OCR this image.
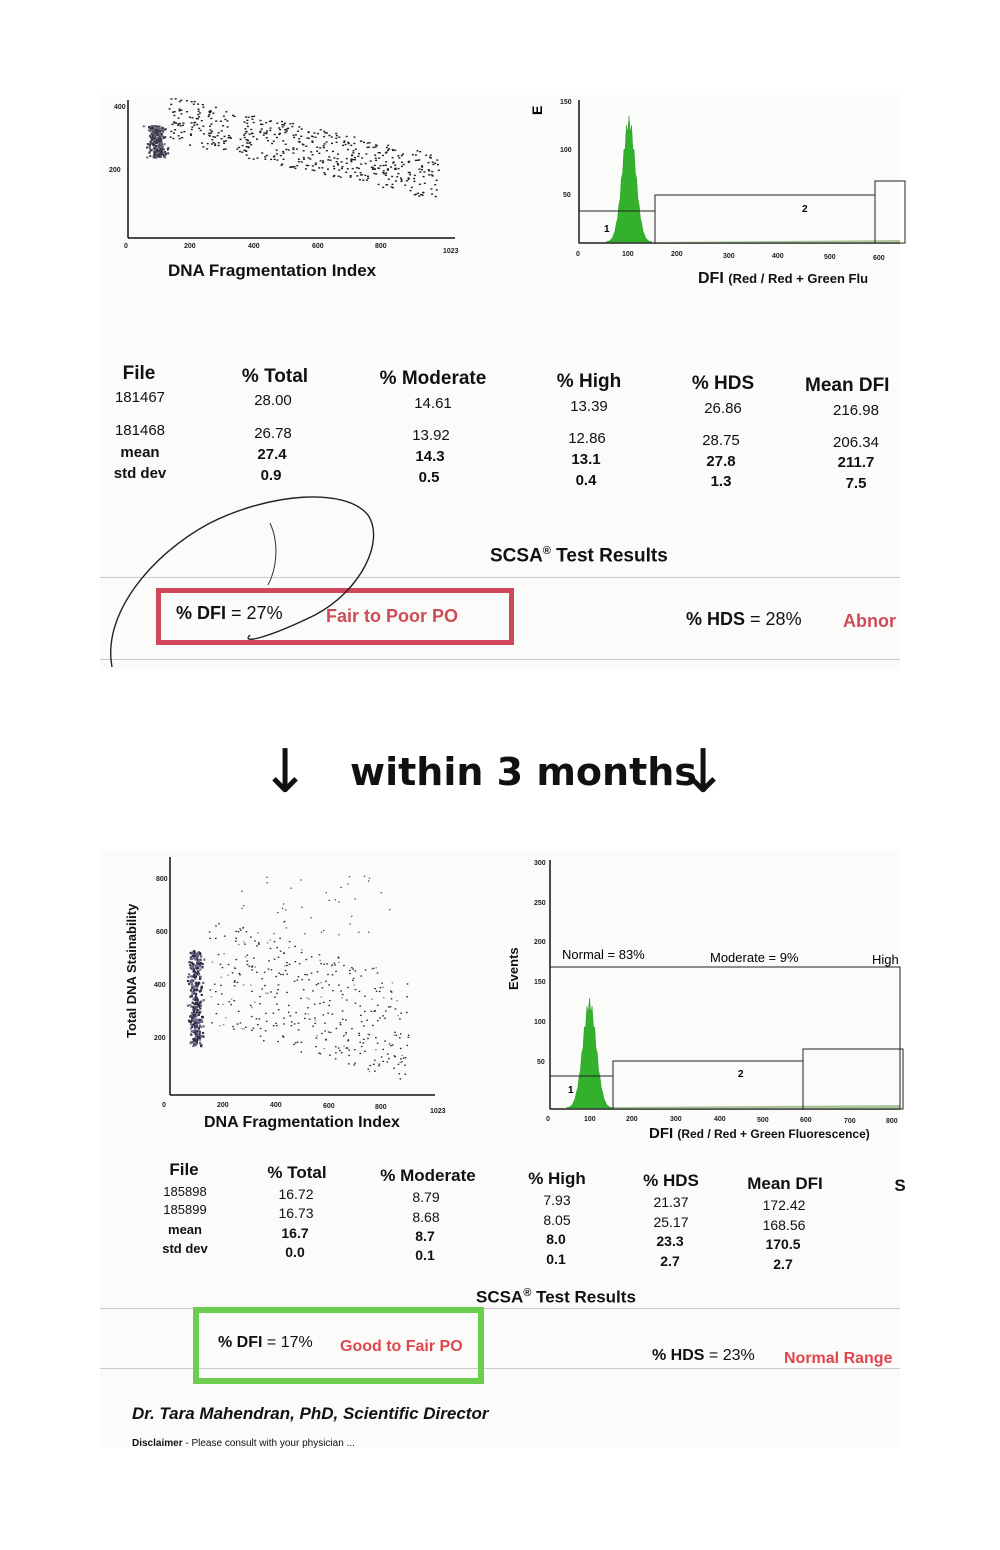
0	200	400	600	800
1023
400
200
DNA Fragmentation Index
E
150
100
50
1
2
0	100	200	300	400	500	600
DFI (Red / Red + Green Flu
File	% Total	% Moderate	% High	% HDS	Mean DFI
181467	28.00	14.61	13.39	26.86	216.98
181468	26.78	13.92	12.86	28.75	206.34
mean	27.4	14.3	13.1	27.8	211.7
std dev	0.9	0.5	0.4	1.3	7.5
SCSA® Test Results
% DFI = 27% Fair to Poor PO	% HDS = 28% Abnor
↓ within 3 months
↓
Total DNA Stainability
800
600
400
200
0	200	400	600	800
1023
DNA Fragmentation Index
Events
300
250
200
150
100
50
1
2
Normal = 83%	Moderate = 9%	High
0	100	200	300	400	500	600	700	800
DFI (Red / Red + Green Fluorescence)
File	% Total	% Moderate	% High	% HDS	Mean DFI	S
185898	16.72	8.79	7.93	21.37	172.42
185899	16.73	8.68	8.05	25.17	168.56
mean	16.7	8.7	8.0	23.3	170.5
std dev	0.0	0.1	0.1	2.7	2.7
SCSA® Test Results
% DFI = 17% Good to Fair PO
% HDS = 23% Normal Range
Dr. Tara Mahendran, PhD, Scientific Director
Disclaimer - Please consult with your physician ...
